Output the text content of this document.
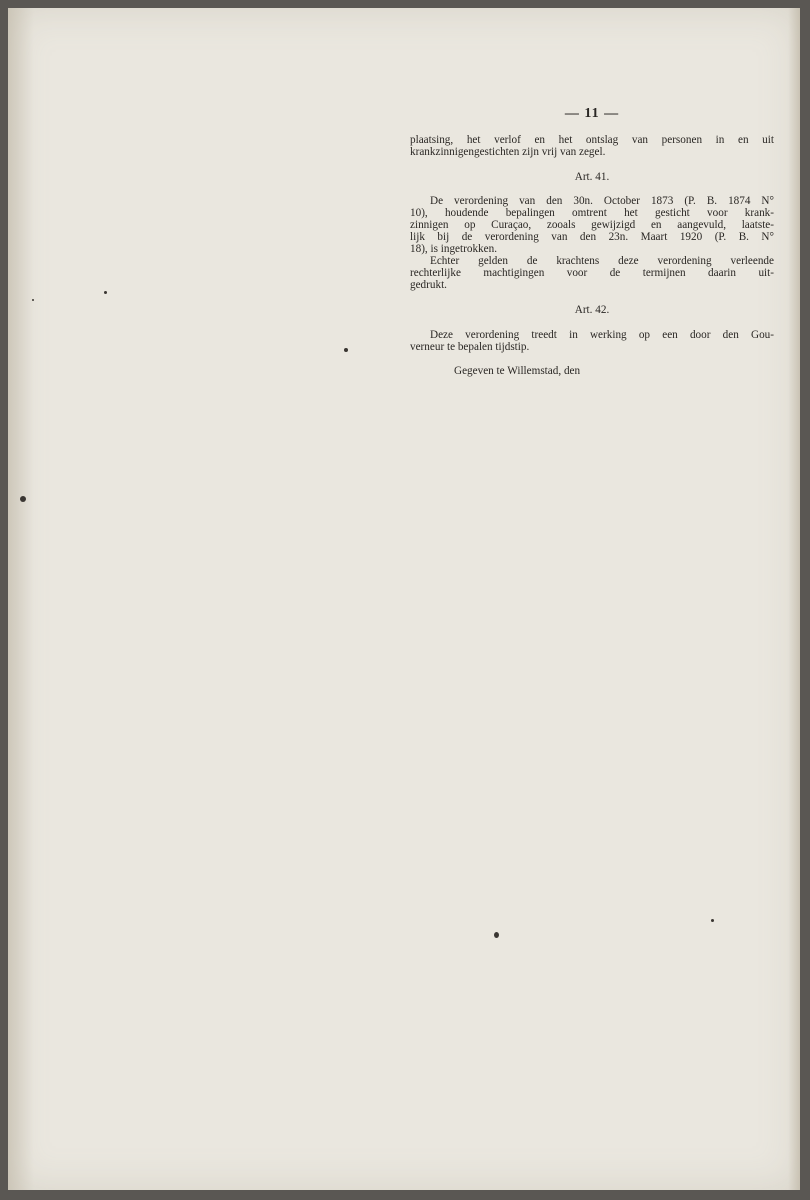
— 11 —
plaatsing, het verlof en het ontslag van personen in en uit
krankzinnigengestichten zijn vrij van zegel.
Art. 41.
De verordening van den 30n. October 1873 (P. B. 1874 N°
10), houdende bepalingen omtrent het gesticht voor krank-
zinnigen op Curaçao, zooals gewijzigd en aangevuld, laatste-
lijk bij de verordening van den 23n. Maart 1920 (P. B. N°
18), is ingetrokken.
Echter gelden de krachtens deze verordening verleende
rechterlijke machtigingen voor de termijnen daarin uit-
gedrukt.
Art. 42.
Deze verordening treedt in werking op een door den Gou-
verneur te bepalen tijdstip.
Gegeven te Willemstad, den
